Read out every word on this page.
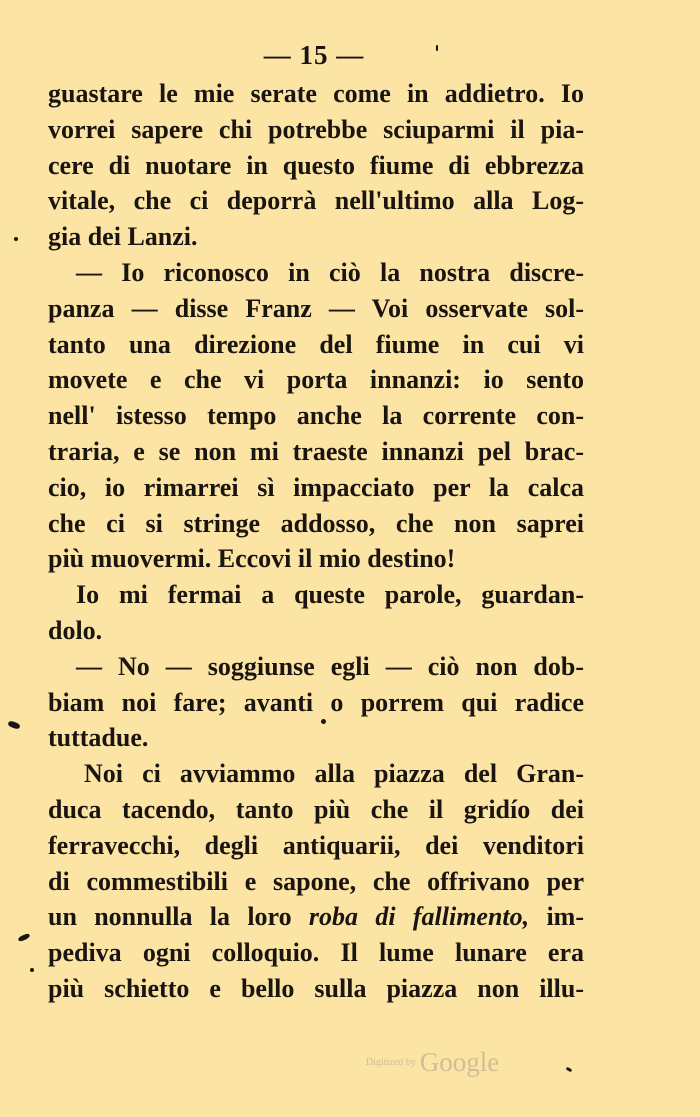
— 15 —
guastare le mie serate come in addietro. Io
vorrei sapere chi potrebbe sciuparmi il pia-
cere di nuotare in questo fiume di ebbrezza
vitale, che ci deporrà nell'ultimo alla Log-
gia dei Lanzi.
— Io riconosco in ciò la nostra discre-
panza — disse Franz — Voi osservate sol-
tanto una direzione del fiume in cui vi
movete e che vi porta innanzi: io sento
nell' istesso tempo anche la corrente con-
traria, e se non mi traeste innanzi pel brac-
cio, io rimarrei sì impacciato per la calca
che ci si stringe addosso, che non saprei
più muovermi. Eccovi il mio destino!
Io mi fermai a queste parole, guardan-
dolo.
— No — soggiunse egli — ciò non dob-
biam noi fare; avanti o porrem qui radice
tuttadue.
Noi ci avviammo alla piazza del Gran-
duca tacendo, tanto più che il gridío dei
ferravecchi, degli antiquarii, dei venditori
di commestibili e sapone, che offrivano per
un nonnulla la loro roba di fallimento, im-
pediva ogni colloquio. Il lume lunare era
più schietto e bello sulla piazza non illu-
Digitized by Google
